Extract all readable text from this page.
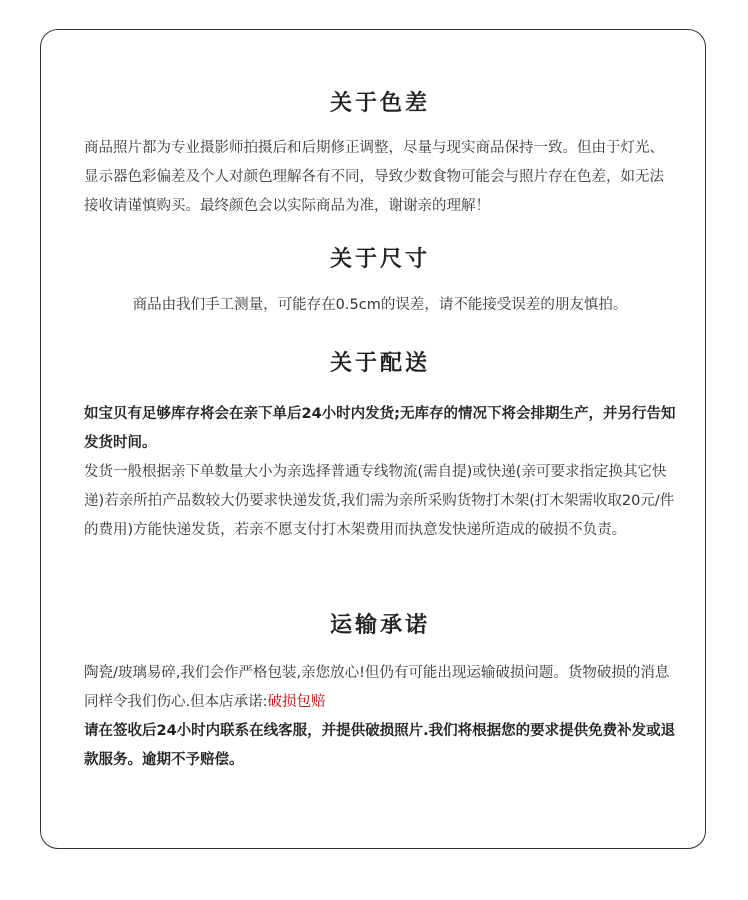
关于色差

商品照片都为专业摄影师拍摄后和后期修正调整，尽量与现实商品保持一致。但由于灯光、显示器色彩偏差及个人对颜色理解各有不同，导致少数食物可能会与照片存在色差，如无法接收请谨慎购买。最终颜色会以实际商品为准，谢谢亲的理解！

关于尺寸

商品由我们手工测量，可能存在0.5cm的误差，请不能接受误差的朋友慎拍。

关于配送

如宝贝有足够库存将会在亲下单后24小时内发货;无库存的情况下将会排期生产，并另行告知发货时间。

发货一般根据亲下单数量大小为亲选择普通专线物流(需自提)或快递(亲可要求指定换其它快递)若亲所拍产品数较大仍要求快递发货,我们需为亲所采购货物打木架(打木架需收取20元/件的费用)方能快递发货，若亲不愿支付打木架费用而执意发快递所造成的破损不负责。

运输承诺

陶瓷/玻璃易碎,我们会作严格包装,亲您放心!但仍有可能出现运输破损问题。货物破损的消息同样令我们伤心.但本店承诺:破损包赔

请在签收后24小时内联系在线客服，并提供破损照片.我们将根据您的要求提供免费补发或退款服务。逾期不予赔偿。
